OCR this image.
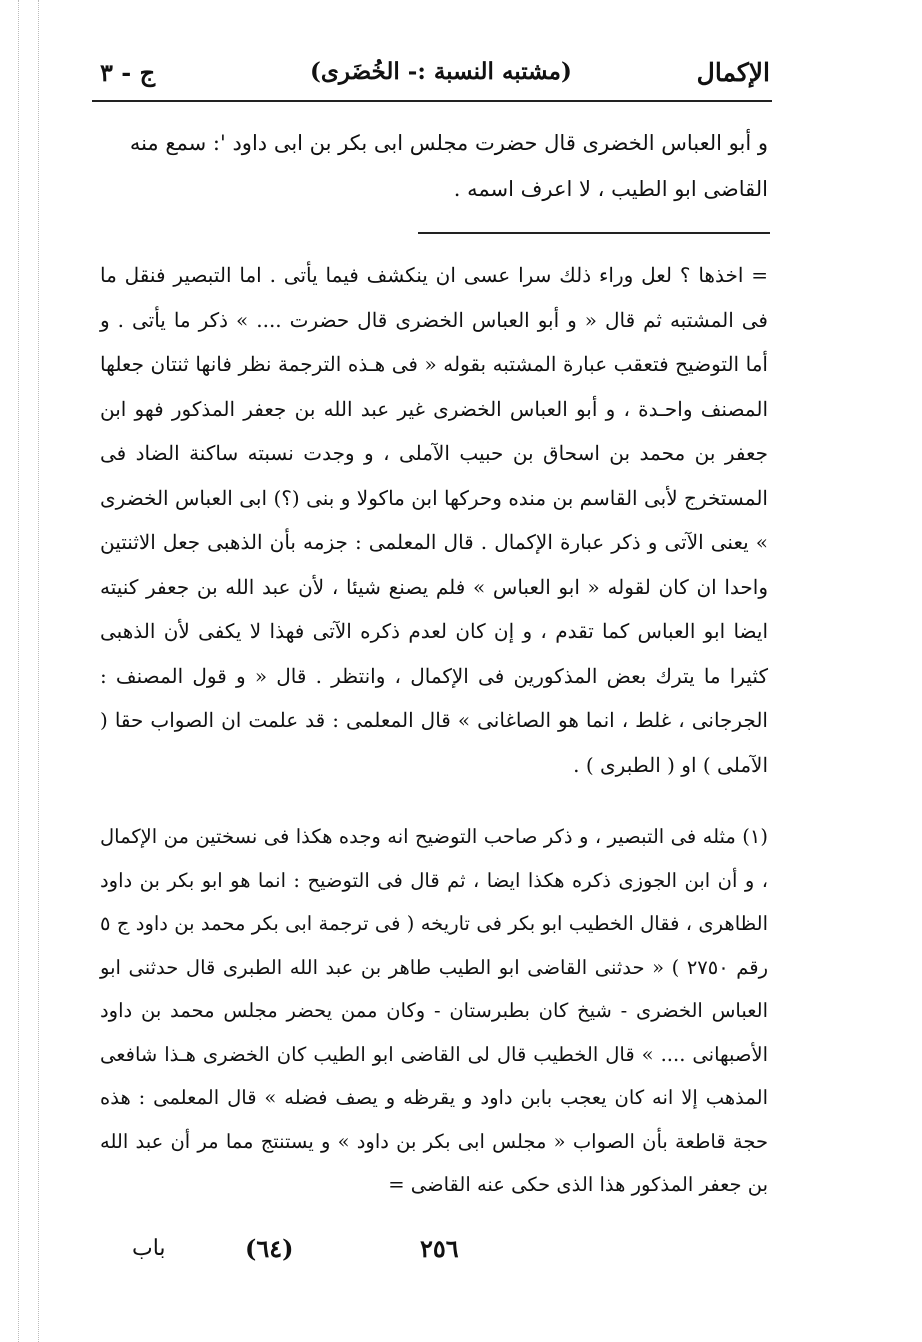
الإكمال
(مشتبه النسبة :- الخُضَرى)
ج - ٣

و أبو العباس الخضرى قال حضرت مجلس ابى بكر بن ابى داود ': سمع منه

القاضى ابو الطيب ، لا اعرف اسمه .

= اخذها ؟ لعل وراء ذلك سرا عسى ان ينكشف فيما يأتى . اما التبصير فنقل ما فى المشتبه ثم قال « و أبو العباس الخضرى قال حضرت .... » ذكر ما يأتى . و أما التوضيح فتعقب عبارة المشتبه بقوله « فى هـذه الترجمة نظر فانها ثنتان جعلها المصنف واحـدة ، و أبو العباس الخضرى غير عبد الله بن جعفر المذكور فهو ابن جعفر بن محمد بن اسحاق بن حبيب الآملى ، و وجدت نسبته ساكنة الضاد فى المستخرج لأبى القاسم بن منده وحركها ابن ماكولا و بنى (؟) ابى العباس الخضرى » يعنى الآتى و ذكر عبارة الإكمال . قال المعلمى : جزمه بأن الذهبى جعل الاثنتين واحدا ان كان لقوله « ابو العباس » فلم يصنع شيئا ، لأن عبد الله بن جعفر كنيته ايضا ابو العباس كما تقدم ، و إن كان لعدم ذكره الآتى فهذا لا يكفى لأن الذهبى كثيرا ما يترك بعض المذكورين فى الإكمال ، وانتظر . قال « و قول المصنف : الجرجانى ، غلط ، انما هو الصاغانى » قال المعلمى : قد علمت ان الصواب حقا ( الآملى ) او ( الطبرى ) .

(١) مثله فى التبصير ، و ذكر صاحب التوضيح انه وجده هكذا فى نسختين من الإكمال ، و أن ابن الجوزى ذكره هكذا ايضا ، ثم قال فى التوضيح : انما هو ابو بكر بن داود الظاهرى ، فقال الخطيب ابو بكر فى تاريخه ( فى ترجمة ابى بكر محمد بن داود ج ٥ رقم ٢٧٥٠ ) « حدثنى القاضى ابو الطيب طاهر بن عبد الله الطبرى قال حدثنى ابو العباس الخضرى - شيخ كان بطبرستان - وكان ممن يحضر مجلس محمد بن داود الأصبهانى .... » قال الخطيب قال لى القاضى ابو الطيب كان الخضرى هـذا شافعى المذهب إلا انه كان يعجب بابن داود و يقرظه و يصف فضله » قال المعلمى : هذه حجة قاطعة بأن الصواب « مجلس ابى بكر بن داود » و يستنتج مما مر أن عبد الله بن جعفر المذكور هذا الذى حكى عنه القاضى =

٢٥٦
(٦٤)
باب
